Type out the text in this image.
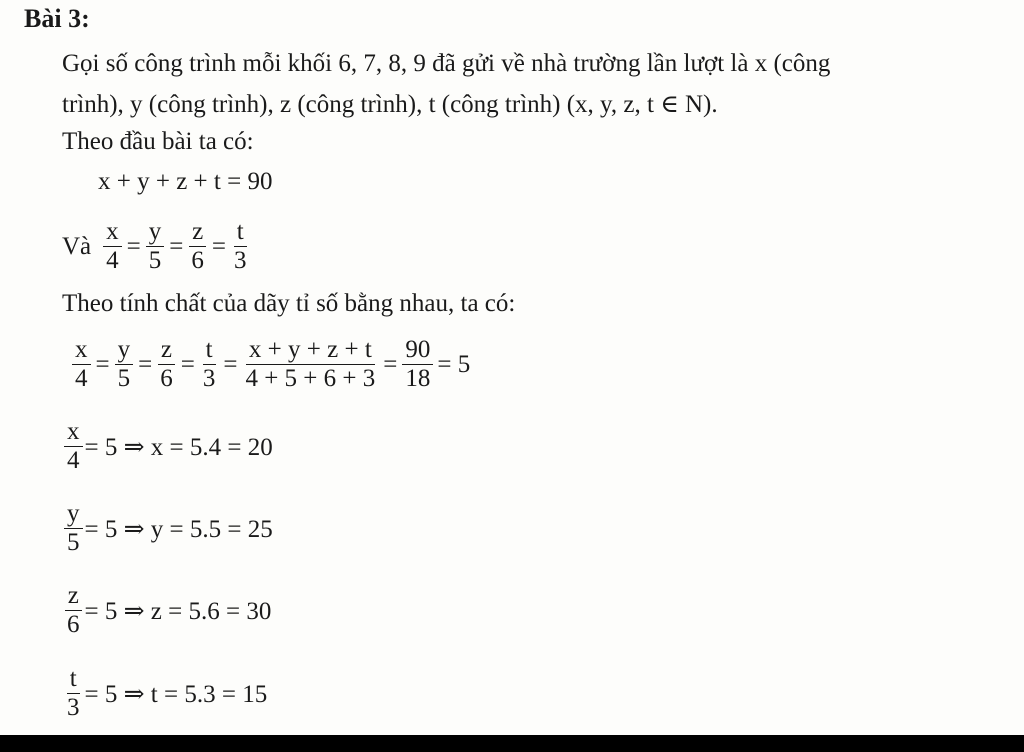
Bài 3:
Gọi số công trình mỗi khối 6, 7, 8, 9 đã gửi về nhà trường lần lượt là x (công
trình), y (công trình), z (công trình), t (công trình) (x, y, z, t ∈ N).
Theo đầu bài ta có:
x + y + z + t = 90
Và $\frac{x}{4} = \frac{y}{5} = \frac{z}{6} = \frac{t}{3}$
Theo tính chất của dãy tỉ số bằng nhau, ta có:
$\frac{x}{4} = \frac{y}{5} = \frac{z}{6} = \frac{t}{3} = \frac{x + y + z + t}{4 + 5 + 6 + 3} = \frac{90}{18} = 5$
$\frac{x}{4} = 5$ ⇒ x = 5.4 = 20
$\frac{y}{5} = 5$ ⇒ y = 5.5 = 25
$\frac{z}{6} = 5$ ⇒ z = 5.6 = 30
$\frac{t}{3} = 5$ ⇒ t = 5.3 = 15
